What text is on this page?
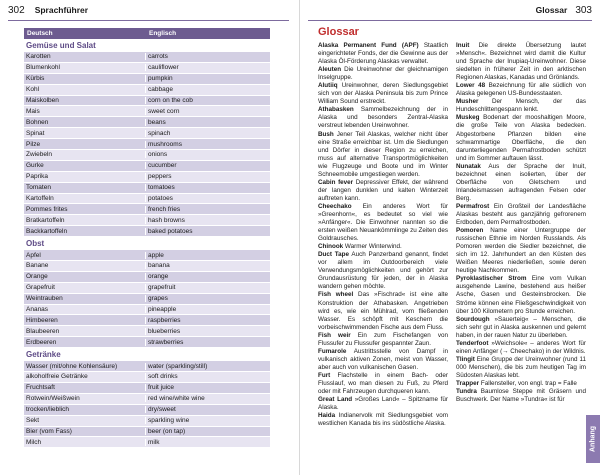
302 Sprachführer
Deutsch	Englisch
Gemüse und Salat
Karotten	carrots
Blumenkohl	cauliflower
Kürbis	pumpkin
Kohl	cabbage
Maiskolben	corn on the cob
Mais	sweet corn
Bohnen	beans
Spinat	spinach
Pilze	mushrooms
Zwiebeln	onions
Gurke	cucumber
Paprika	peppers
Tomaten	tomatoes
Kartoffeln	potatoes
Pommes frites	french fries
Bratkartoffeln	hash browns
Backkartoffeln	baked potatoes
Obst
Apfel	apple
Banane	banana
Orange	orange
Grapefruit	grapefruit
Weintrauben	grapes
Ananas	pineapple
Himbeeren	raspberries
Blaubeeren	blueberries
Erdbeeren	strawberries
Getränke
Wasser (mit/ohne Kohlensäure)	water (sparkling/still)
alkoholfreie Getränke	soft drinks
Fruchtsaft	fruit juice
Rotwein/Weißwein	red wine/white wine
trocken/lieblich	dry/sweet
Sekt	sparkling wine
Bier (vom Fass)	beer (on tap)
Milch	milk
Glossar 303
Glossar

Alaska Permanent Fund (APF) Staatlich eingerichteter Fonds, der die Gewinne aus der Alaska Öl-Förderung Alaskas verwaltet.

Aleuten Die Ureinwohner der gleichnamigen Inselgruppe.

Alutiiq Ureinwohner, deren Siedlungsgebiet sich von der Alaska Peninsula bis zum Prince William Sound erstreckt.

Athabasken Sammelbezeichnung der in Alaska und besonders Zentral-Alaska verstreut lebenden Ureinwohner.

Bush Jener Teil Alaskas, welcher nicht über eine Straße erreichbar ist. Um die Siedlungen und Dörfer in dieser Region zu erreichen, muss auf alternative Transportmöglichkeiten wie Flugzeuge und Boote und im Winter Schneemobile umgestiegen werden.

Cabin fever Depressiver Effekt, der während der langen dunklen und kalten Winterzeit auftreten kann.

Cheechako Ein anderes Wort für »Greenhorn«, es bedeutet so viel wie »Anfänger«. Die Einwohner nannten so die ersten weißen Neuankömmlinge zu Zeiten des Goldrausches.

Chinook Warmer Winterwind.

Duct Tape Auch Panzerband genannt, findet vor allem im Outdoorbereich viele Verwendungsmöglichkeiten und gehört zur Grundausrüstung für jeden, der in Alaska wandern gehen möchte.

Fish wheel Das »Fischrad« ist eine alte Konstruktion der Athabasken. Angetrieben wird es, wie ein Mühlrad, vom fließenden Wasser. Es schöpft mit Keschern die vorbeischwimmenden Fische aus dem Fluss.

Fish weir Ein zum Fischefangen von Flussufer zu Flussufer gespannter Zaun.

Fumarole Austrittsstelle von Dampf in vulkanisch aktiven Zonen, meist von Wasser, aber auch von vulkanischen Gasen.

Furt Flachstelle in einem Bach- oder Flusslauf, wo man diesen zu Fuß, zu Pferd oder mit Fahrzeugen durchqueren kann.

Great Land »Großes Land« – Spitzname für Alaska.

Haida Indianervolk mit Siedlungsgebiet vom westlichen Kanada bis ins südöstliche Alaska.

Inuit Die direkte Übersetzung lautet »Mensch«. Bezeichnet wird damit die Kultur und Sprache der Inupiaq-Ureinwohner. Diese siedelten in früherer Zeit in den arktischen Regionen Alaskas, Kanadas und Grönlands.

Lower 48 Bezeichnung für alle südlich von Alaska gelegenen US-Bundesstaaten.

Musher Der Mensch, der das Hundeschlittengespann lenkt.

Muskeg Bodenart der mooshaltigen Moore, die große Teile von Alaska bedecken. Abgestorbene Pflanzen bilden eine schwammartige Oberfläche, die den darunterliegenden Permafrostboden schützt und im Sommer auftauen lässt.

Nunatak Aus der Sprache der Inuit, bezeichnet einen isolierten, über der Oberfläche von Gletschern und Inlandeismassen aufragenden Felsen oder Berg.

Permafrost Ein Großteil der Landesfläche Alaskas besteht aus ganzjährig gefrorenem Erdboden, dem Permafrostboden.

Pomoren Name einer Untergruppe der russischen Ethnie im Norden Russlands. Als Pomoren werden die Siedler bezeichnet, die sich im 12. Jahrhundert an den Küsten des Weißen Meeres niederließen, sowie deren heutige Nachkommen.

Pyroklastischer Strom Eine vom Vulkan ausgehende Lawine, bestehend aus heißer Asche, Gasen und Gesteinsbrocken. Die Ströme können eine Fließgeschwindigkeit von über 100 Kilometern pro Stunde erreichen.

Sourdough »Sauerteig« – Menschen, die sich sehr gut in Alaska auskennen und gelernt haben, in der rauen Natur zu überleben.

Tenderfoot »Weichsole« – anderes Wort für einen Anfänger (→ Cheechako) in der Wildnis.

Tlingit Eine Gruppe der Ureinwohner (rund 11 000 Menschen), die bis zum heutigen Tag im Südosten Alaskas lebt.

Trapper Fallensteller, von engl. trap = Falle

Tundra Baumlose Steppe mit Gräsern und Buschwerk. Der Name »Tundra« ist für

Anhang
